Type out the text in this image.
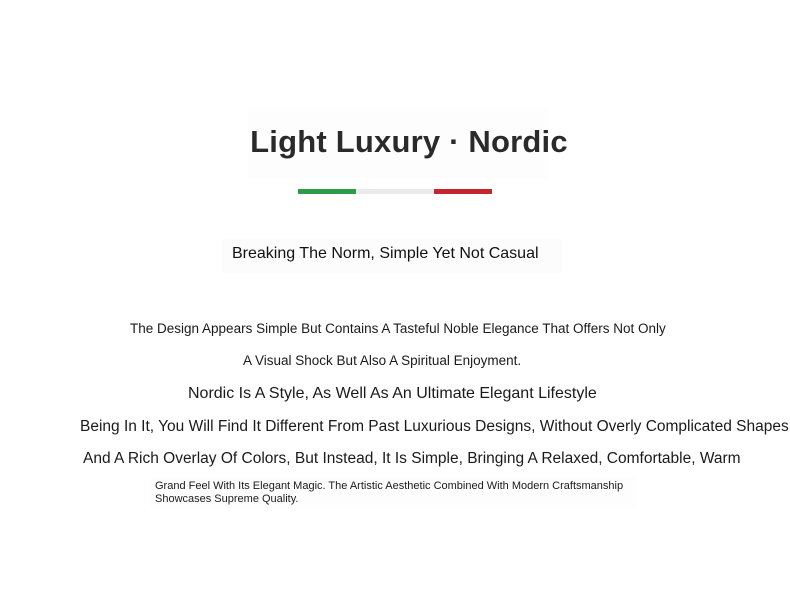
Light Luxury · Nordic
Breaking The Norm, Simple Yet Not Casual
The Design Appears Simple But Contains A Tasteful Noble Elegance That Offers Not Only
A Visual Shock But Also A Spiritual Enjoyment.
Nordic Is A Style, As Well As An Ultimate Elegant Lifestyle
Being In It, You Will Find It Different From Past Luxurious Designs, Without Overly Complicated Shapes
And A Rich Overlay Of Colors, But Instead, It Is Simple, Bringing A Relaxed, Comfortable, Warm
Grand Feel With Its Elegant Magic. The Artistic Aesthetic Combined With Modern Craftsmanship Showcases Supreme Quality.
